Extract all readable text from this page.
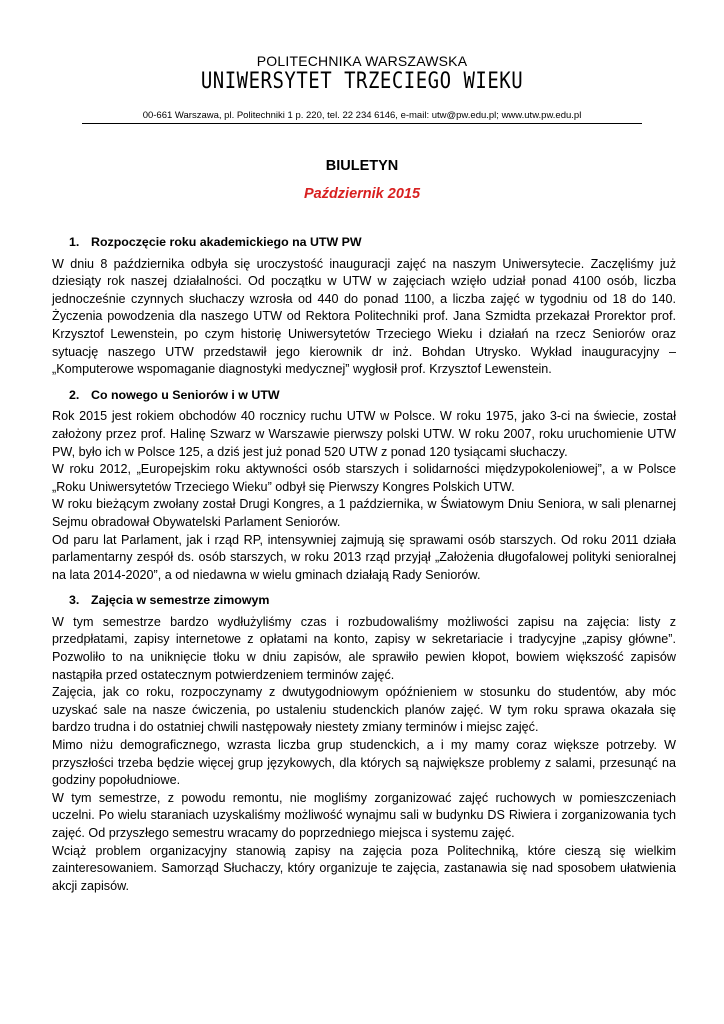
POLITECHNIKA WARSZAWSKA
UNIWERSYTET TRZECIEGO WIEKU
00-661 Warszawa, pl. Politechniki 1 p. 220, tel. 22 234 6146, e-mail: utw@pw.edu.pl; www.utw.pw.edu.pl
BIULETYN
Październik 2015
1. Rozpoczęcie roku akademickiego na UTW PW

W dniu 8 października odbyła się uroczystość inauguracji zajęć na naszym Uniwersytecie. Zaczęliśmy już dziesiąty rok naszej działalności. Od początku w UTW w zajęciach wzięło udział ponad 4100 osób, liczba jednocześnie czynnych słuchaczy wzrosła od 440 do ponad 1100, a liczba zajęć w tygodniu od 18 do 140. Życzenia powodzenia dla naszego UTW od Rektora Politechniki prof. Jana Szmidta przekazał Prorektor prof. Krzysztof Lewenstein, po czym historię Uniwersytetów Trzeciego Wieku i działań na rzecz Seniorów oraz sytuację naszego UTW przedstawił jego kierownik dr inż. Bohdan Utrysko. Wykład inauguracyjny – „Komputerowe wspomaganie diagnostyki medycznej” wygłosił prof. Krzysztof Lewenstein.

2. Co nowego u Seniorów i w UTW

Rok 2015 jest rokiem obchodów 40 rocznicy ruchu UTW w Polsce. W roku 1975, jako 3-ci na świecie, został założony przez prof. Halinę Szwarz w Warszawie pierwszy polski UTW. W roku 2007, roku uruchomienie UTW PW, było ich w Polsce 125, a dziś jest już ponad 520 UTW z ponad 120 tysiącami słuchaczy.

W roku 2012, „Europejskim roku aktywności osób starszych i solidarności międzypokoleniowej”, a w Polsce „Roku Uniwersytetów Trzeciego Wieku” odbył się Pierwszy Kongres Polskich UTW.

W roku bieżącym zwołany został Drugi Kongres, a 1 października, w Światowym Dniu Seniora, w sali plenarnej Sejmu obradował Obywatelski Parlament Seniorów.

Od paru lat Parlament, jak i rząd RP, intensywniej zajmują się sprawami osób starszych. Od roku 2011 działa parlamentarny zespół ds. osób starszych, w roku 2013 rząd przyjął „Założenia długofalowej polityki senioralnej na lata 2014-2020”, a od niedawna w wielu gminach działają Rady Seniorów.

3. Zajęcia w semestrze zimowym

W tym semestrze bardzo wydłużyliśmy czas i rozbudowaliśmy możliwości zapisu na zajęcia: listy z przedpłatami, zapisy internetowe z opłatami na konto, zapisy w sekretariacie i tradycyjne „zapisy główne”. Pozwoliło to na uniknięcie tłoku w dniu zapisów, ale sprawiło pewien kłopot, bowiem większość zapisów nastąpiła przed ostatecznym potwierdzeniem terminów zajęć.

Zajęcia, jak co roku, rozpoczynamy z dwutygodniowym opóźnieniem w stosunku do studentów, aby móc uzyskać sale na nasze ćwiczenia, po ustaleniu studenckich planów zajęć. W tym roku sprawa okazała się bardzo trudna i do ostatniej chwili następowały niestety zmiany terminów i miejsc zajęć.

Mimo niżu demograficznego, wzrasta liczba grup studenckich, a i my mamy coraz większe potrzeby. W przyszłości trzeba będzie więcej grup językowych, dla których są największe problemy z salami, przesunąć na godziny popołudniowe.

W tym semestrze, z powodu remontu, nie mogliśmy zorganizować zajęć ruchowych w pomieszczeniach uczelni. Po wielu staraniach uzyskaliśmy możliwość wynajmu sali w budynku DS Riwiera i zorganizowania tych zajęć. Od przyszłego semestru wracamy do poprzedniego miejsca i systemu zajęć.

Wciąż problem organizacyjny stanowią zapisy na zajęcia poza Politechniką, które cieszą się wielkim zainteresowaniem. Samorząd Słuchaczy, który organizuje te zajęcia, zastanawia się nad sposobem ułatwienia akcji zapisów.
